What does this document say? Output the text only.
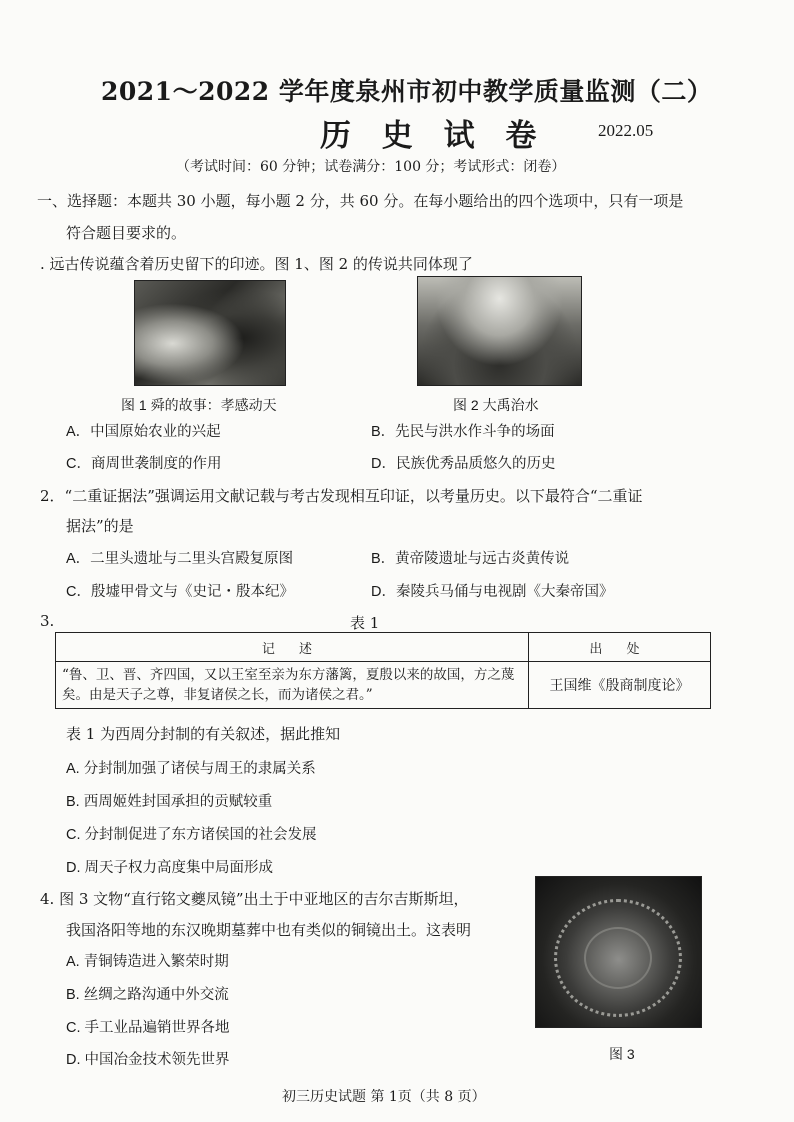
2021～2022 学年度泉州市初中教学质量监测（二）
历 史 试 卷	2022.05
（考试时间：60 分钟；试卷满分：100 分；考试形式：闭卷）
一、选择题：本题共 30 小题，每小题 2 分，共 60 分。在每小题给出的四个选项中，只有一项是
符合题目要求的。
. 远古传说蕴含着历史留下的印迹。图 1、图 2 的传说共同体现了
图 1 舜的故事：孝感动天	图 2 大禹治水
A．中国原始农业的兴起	B．先民与洪水作斗争的场面
C．商周世袭制度的作用	D．民族优秀品质悠久的历史
2．“二重证据法”强调运用文献记载与考古发现相互印证，以考量历史。以下最符合“二重证
据法”的是
A．二里头遗址与二里头宫殿复原图	B．黄帝陵遗址与远古炎黄传说
C．殷墟甲骨文与《史记・殷本纪》	D．秦陵兵马俑与电视剧《大秦帝国》
3.	表 1
记 述	出 处
“鲁、卫、晋、齐四国，又以王室至亲为东方藩篱，夏殷以来的故国，方之蔑矣。由是天子之尊，非复诸侯之长，而为诸侯之君。”	王国维《殷商制度论》
表 1 为西周分封制的有关叙述，据此推知
A. 分封制加强了诸侯与周王的隶属关系
B. 西周姬姓封国承担的贡赋较重
C. 分封制促进了东方诸侯国的社会发展
D. 周天子权力高度集中局面形成
4. 图 3 文物“直行铭文夔凤镜”出土于中亚地区的吉尔吉斯斯坦，
我国洛阳等地的东汉晚期墓葬中也有类似的铜镜出土。这表明
A. 青铜铸造进入繁荣时期
B. 丝绸之路沟通中外交流
C. 手工业品遍销世界各地
D. 中国冶金技术领先世界	图 3
初三历史试题 第 1页（共 8 页）
